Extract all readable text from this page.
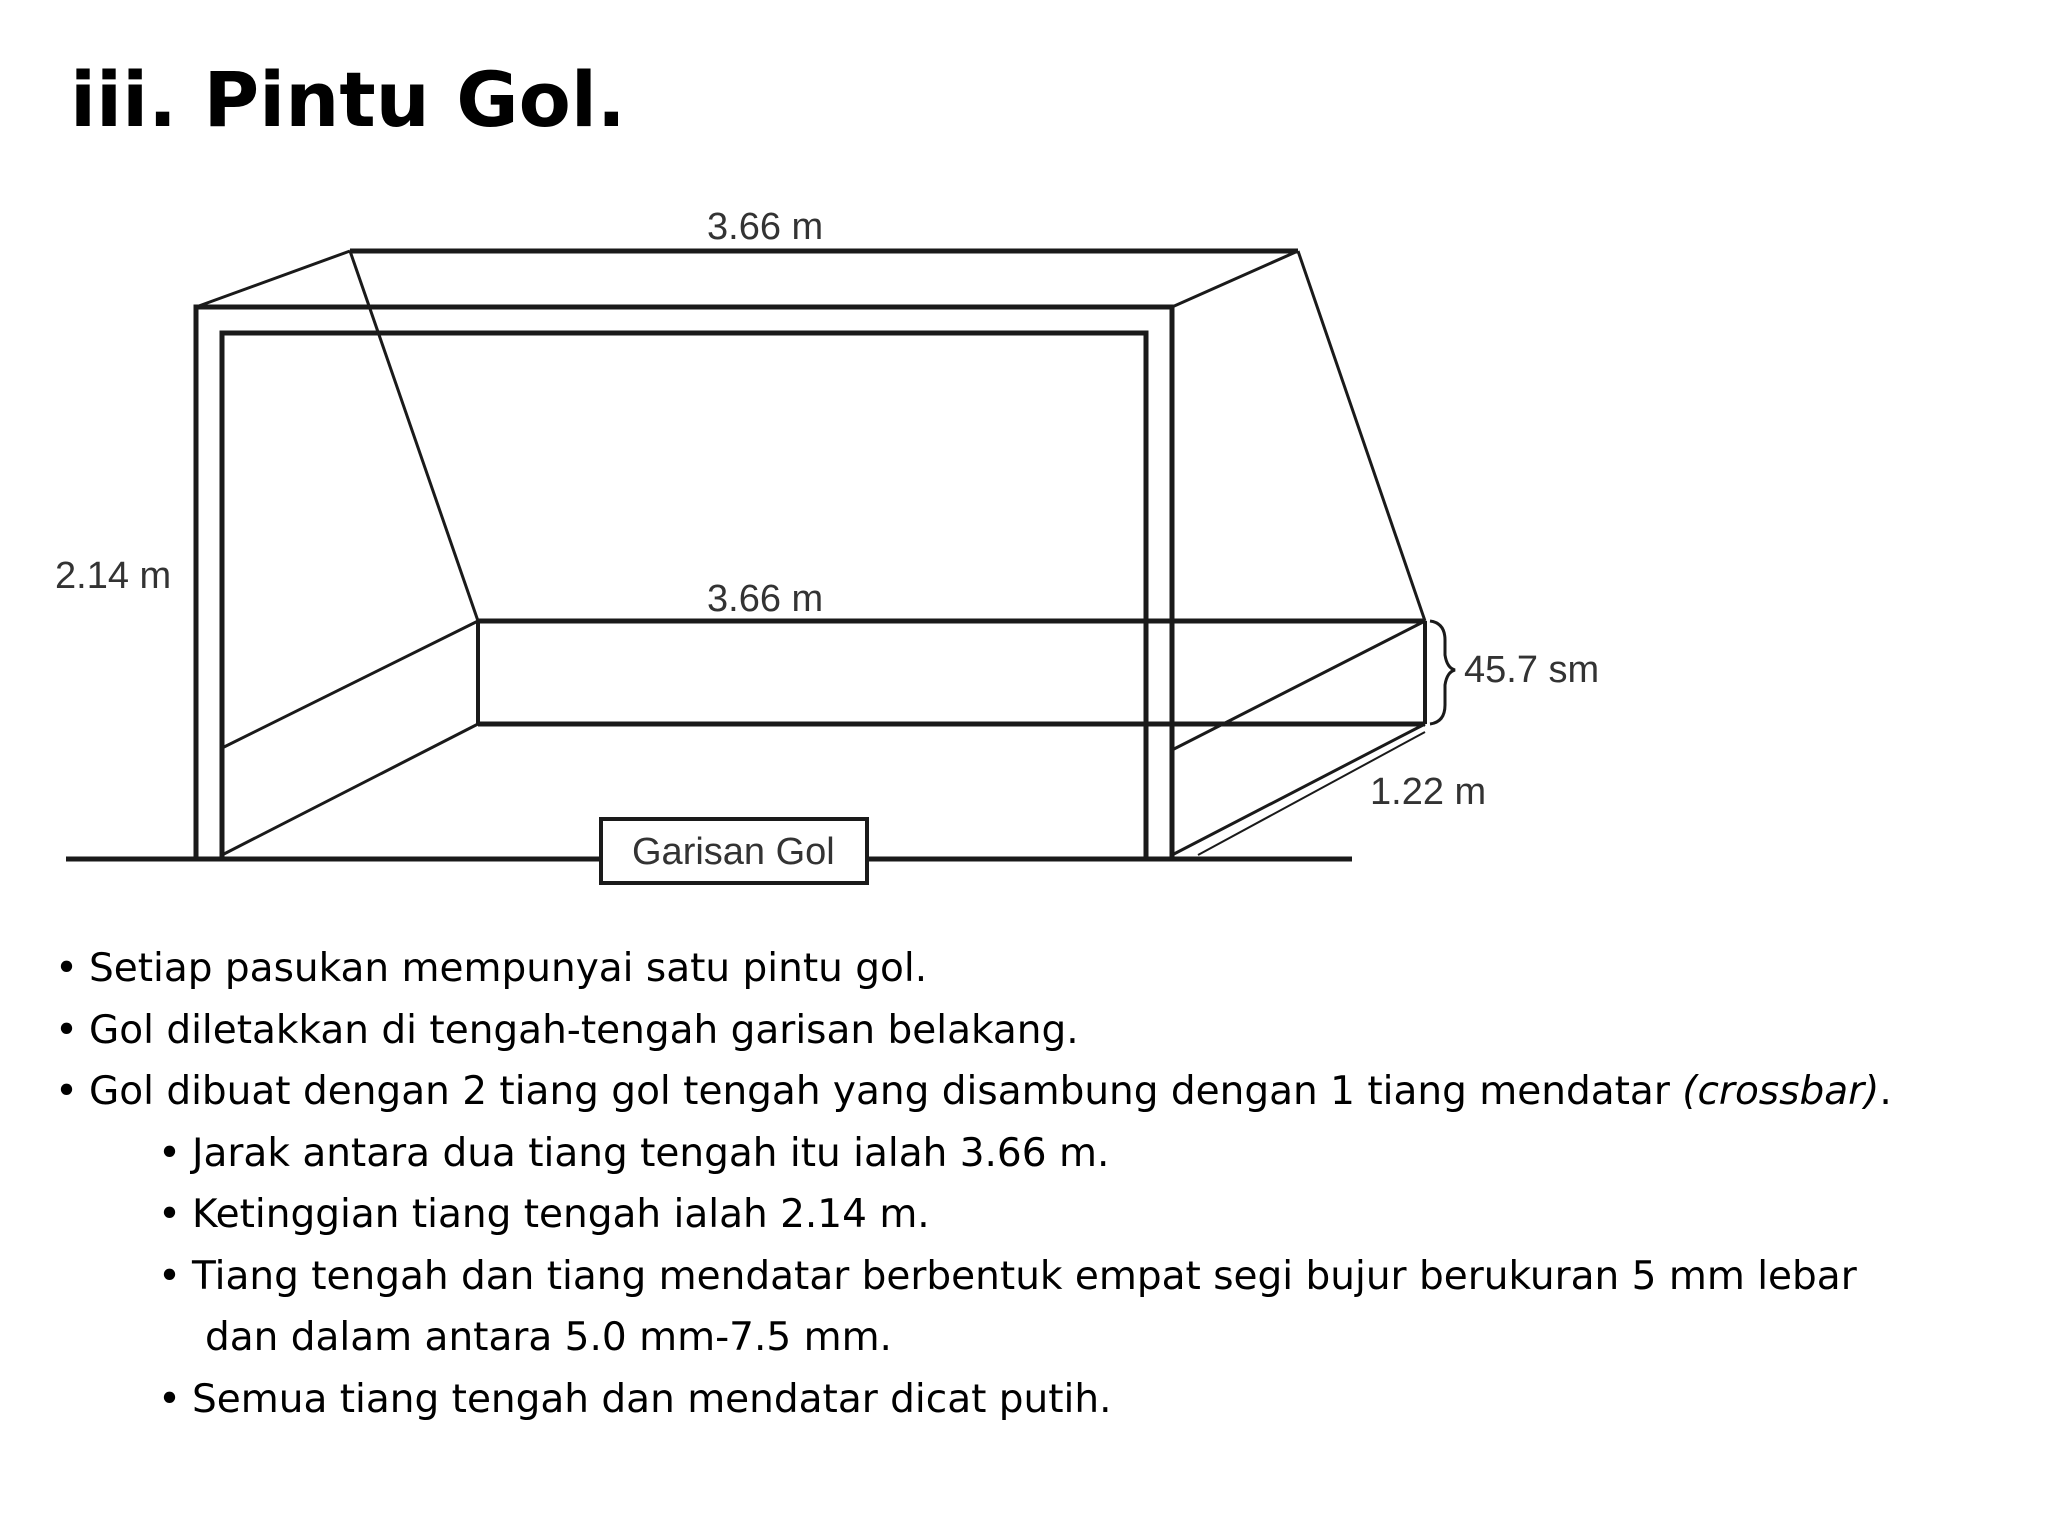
iii. Pintu Gol.
3.66 m
2.14 m
3.66 m
45.7 sm
1.22 m
Garisan Gol
• Setiap pasukan mempunyai satu pintu gol.
• Gol diletakkan di tengah-tengah garisan belakang.
• Gol dibuat dengan 2 tiang gol tengah yang disambung dengan 1 tiang mendatar (crossbar).
• Jarak antara dua tiang tengah itu ialah 3.66 m.
• Ketinggian tiang tengah ialah 2.14 m.
• Tiang tengah dan tiang mendatar berbentuk empat segi bujur berukuran 5 mm lebar
dan dalam antara 5.0 mm-7.5 mm.
• Semua tiang tengah dan mendatar dicat putih.
